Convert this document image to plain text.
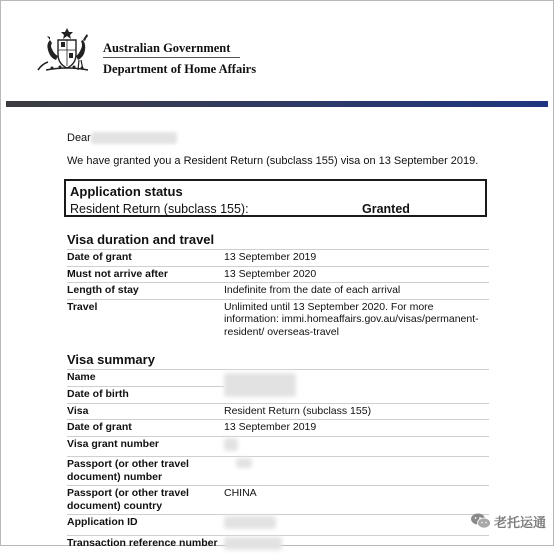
Australian Government
Department of Home Affairs
Dear
We have granted you a Resident Return (subclass 155) visa on 13 September 2019.
Application status
Resident Return (subclass 155):	Granted
Visa duration and travel
Date of grant	13 September 2019
Must not arrive after	13 September 2020
Length of stay	Indefinite from the date of each arrival
Travel	Unlimited until 13 September 2020. For more information: immi.homeaffairs.gov.au/visas/permanent-resident/ overseas-travel
Visa summary
Name	
Date of birth	
Visa	Resident Return (subclass 155)
Date of grant	13 September 2019
Visa grant number	
Passport (or other travel document) number	
Passport (or other travel document) country	CHINA
Application ID	
Transaction reference number	
老托运通
